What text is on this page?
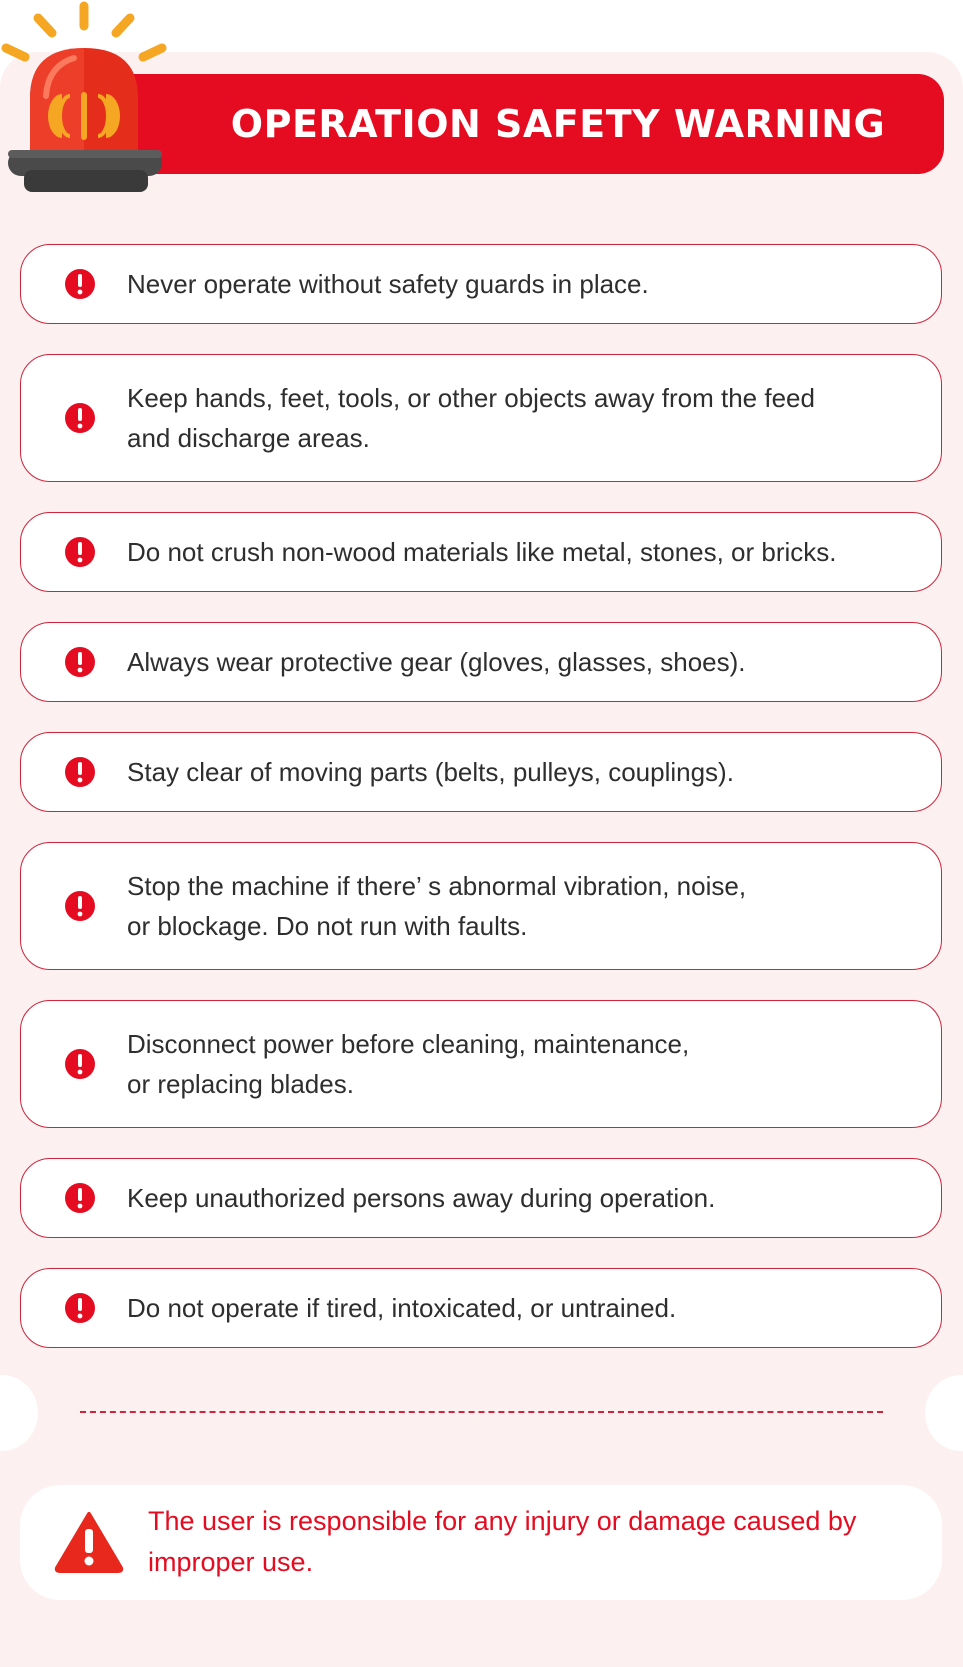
OPERATION SAFETY WARNING
Never operate without safety guards in place.
Keep hands, feet, tools, or other objects away from the feed
and discharge areas.
Do not crush non-wood materials like metal, stones, or bricks.
Always wear protective gear (gloves, glasses, shoes).
Stay clear of moving parts (belts, pulleys, couplings).
Stop the machine if there’ s abnormal vibration, noise,
or blockage. Do not run with faults.
Disconnect power before cleaning, maintenance,
or replacing blades.
Keep unauthorized persons away during operation.
Do not operate if tired, intoxicated, or untrained.
The user is responsible for any injury or damage caused by improper use.
